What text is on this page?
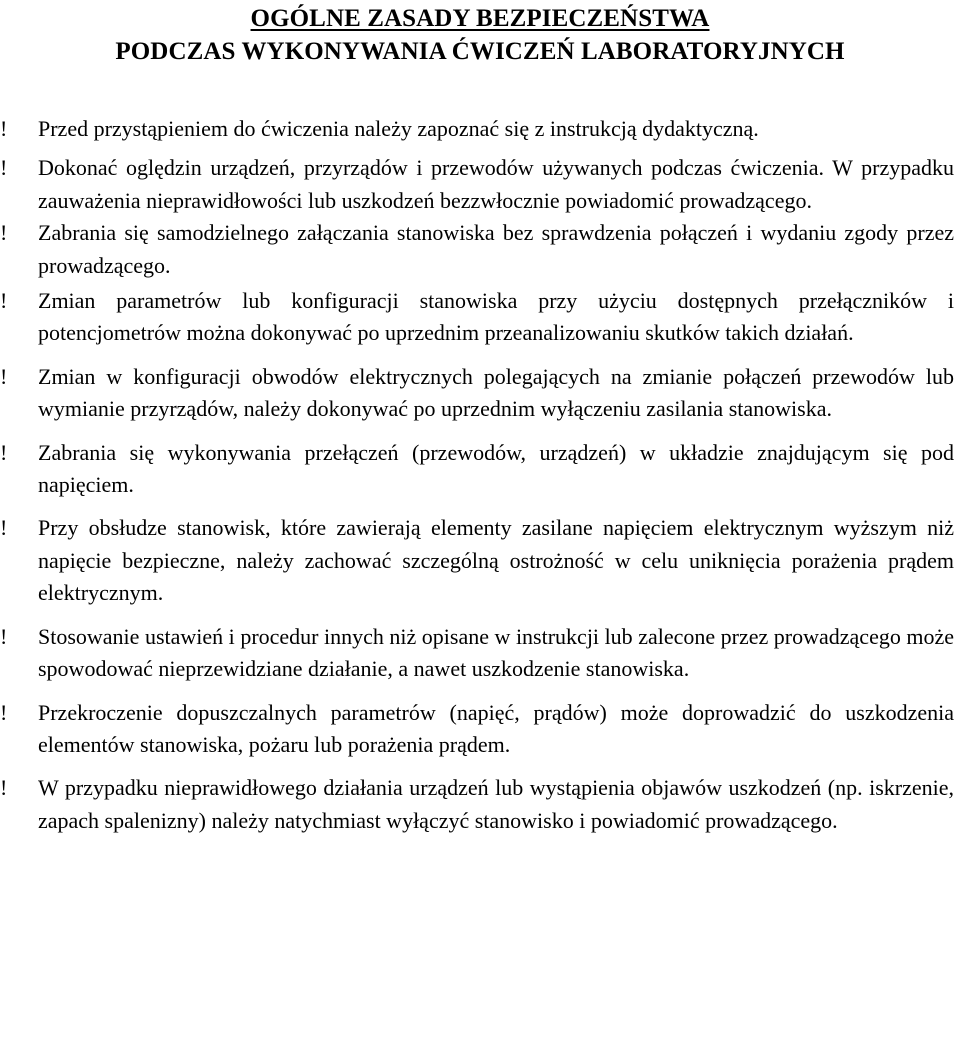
OGÓLNE ZASADY BEZPIECZEŃSTWA
PODCZAS WYKONYWANIA ĆWICZEŃ LABORATORYJNYCH
!	Przed przystąpieniem do ćwiczenia należy zapoznać się z instrukcją dydaktyczną.
!	Dokonać oględzin urządzeń, przyrządów i przewodów używanych podczas ćwiczenia. W przypadku zauważenia nieprawidłowości lub uszkodzeń bezzwłocznie powiadomić prowadzącego.
!	Zabrania się samodzielnego załączania stanowiska bez sprawdzenia połączeń i wydaniu zgody przez prowadzącego.
!	Zmian parametrów lub konfiguracji stanowiska przy użyciu dostępnych przełączników i potencjometrów można dokonywać po uprzednim przeanalizowaniu skutków takich działań.
!	Zmian w konfiguracji obwodów elektrycznych polegających na zmianie połączeń przewodów lub wymianie przyrządów, należy dokonywać po uprzednim wyłączeniu zasilania stanowiska.
!	Zabrania się wykonywania przełączeń (przewodów, urządzeń) w układzie znajdującym się pod napięciem.
!	Przy obsłudze stanowisk, które zawierają elementy zasilane napięciem elektrycznym wyższym niż napięcie bezpieczne, należy zachować szczególną ostrożność w celu uniknięcia porażenia prądem elektrycznym.
!	Stosowanie ustawień i procedur innych niż opisane w instrukcji lub zalecone przez prowadzącego może spowodować nieprzewidziane działanie, a nawet uszkodzenie stanowiska.
!	Przekroczenie dopuszczalnych parametrów (napięć, prądów) może doprowadzić do uszkodzenia elementów stanowiska, pożaru lub porażenia prądem.
!	W przypadku nieprawidłowego działania urządzeń lub wystąpienia objawów uszkodzeń (np. iskrzenie, zapach spalenizny) należy natychmiast wyłączyć stanowisko i powiadomić prowadzącego.
